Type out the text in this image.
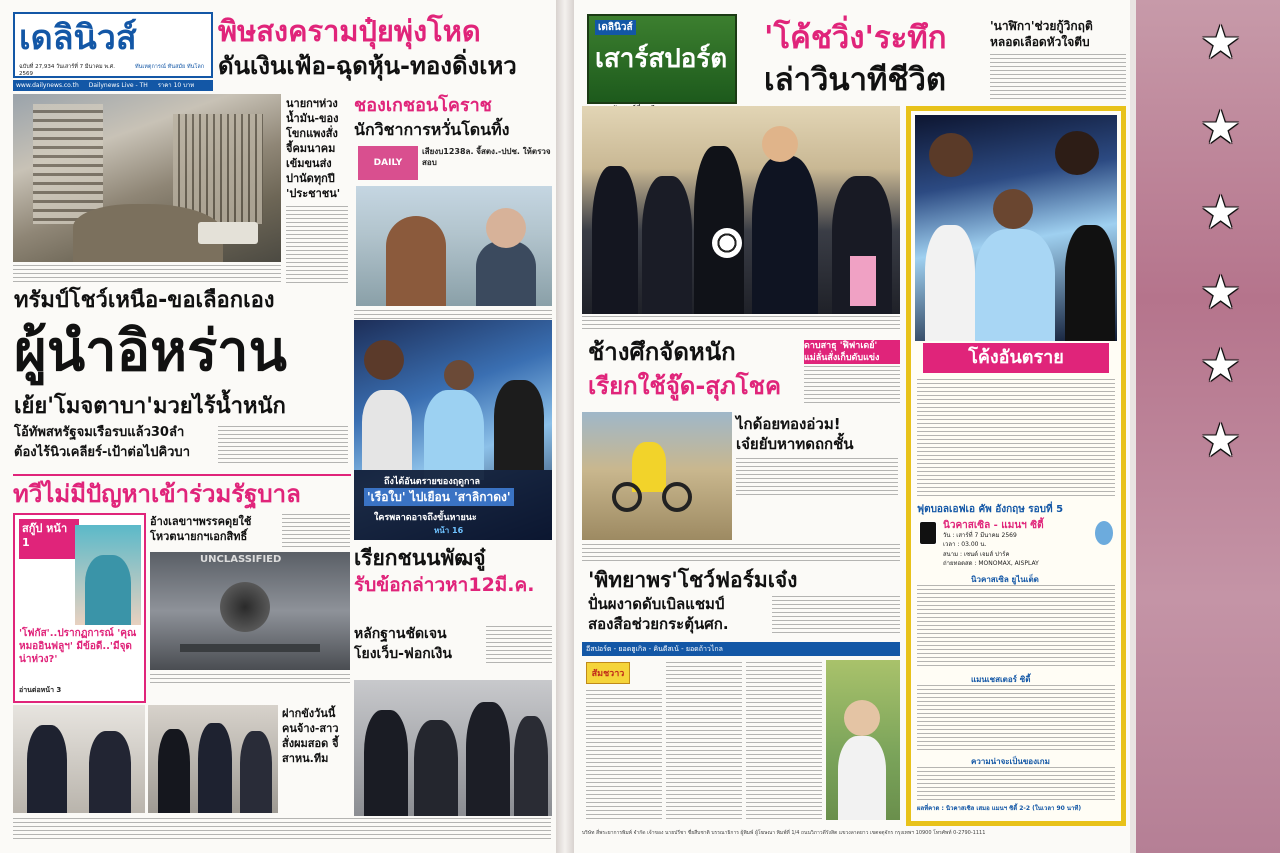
เดลินิวส์
ฉบับที่ 27,934 วันเสาร์ที่ 7 มีนาคม พ.ศ. 2569
ทันเหตุการณ์ ทันสมัย ทันโลก
www.dailynews.co.th Dailynews Live - TH ราคา 10 บาท
พิษสงครามปุ๋ยพุ่งโหด
ดันเงินเฟ้อ-ฉุดหุ้น-ทองดิ่งเหว
นายกฯห่วง น้ำมัน-ของ โขกแพงสั่ง จี้คมนาคม เข้มขนส่ง ปานัดทุกปี 'ประชาชน'
ชองเกชอนโคราช
นักวิชาการหวั่นโดนทิ้ง
DAILY
เสียงบ1238ล. จี้สตง.-ปปช. ให้ตรวจสอบ
ทรัมป์โชว์เหนือ-ขอเลือกเอง
ผู้นำอิหร่าน
เย้ย'โมจตาบา'มวยไร้น้ำหนัก
โอ้ทัพสหรัฐจมเรือรบแล้ว30ลำ
ต้องไร้นิวเคลียร์-เป้าต่อไปคิวบา
ถึงได้อันตรายของฤดูกาล
'เรือใบ' ไปเยือน 'สาลิกาดง'
ใครพลาดอาจถึงขั้นหายนะ
หน้า 16
ทวีไม่มีปัญหาเข้าร่วมรัฐบาล
สกู๊ป หน้า 1
'โฟกัส'..ปรากฏการณ์ 'คุณหมออินฟลูฯ' มีข้อดี..'มีจุดน่าห่วง?'
อ่านต่อหน้า 3
อ้างเลขาฯพรรคดุยใช้ โหวตนายกฯเอกสิทธิ์
UNCLASSIFIED	เรียกชนนพัฒจู๋
รับข้อกล่าวหา12มี.ค.
หลักฐานชัดเจน
โยงเว็บ-ฟอกเงิน
ฝากขังวันนี้ คนจ้าง-สาว สั่งผมสอด จี้สาหน.ทีม
เดลินิวส์
เสาร์สปอร์ต
'โค้ชวิ่ง'ระทึก
เล่าวินาทีชีวิต
'นาฬิกา'ช่วยกู้วิกฤติ
หลอดเลือดหัวใจตีบ
ช้างศึกจัดหนัก
เรียกใช้จู๊ด-สุภโชค
ดาบสาธุ 'ฟิฟาเดย์'
แม่ลั่นสั่งเก็บดับแข่ง
ไกด้อยทองอ่วม!
เจ๋ยยับหาทดถกชั้น
'พิทยาพร'โชว์ฟอร์มเจ๋ง
ปั่นผงาดดับเบิลแชมป์
สองสือช่วยกระตุ้นศก.
อีสปอร์ต - ยอดฮูเกิล - คินดีสเน้ - ยอดถ้าวไกล
สัมชวาว
โค้งอันตราย
ฟุตบอลเอฟเอ คัพ อังกฤษ รอบที่ 5
นิวคาสเซิล - แมนฯ ซิตี้
วัน : เสาร์ที่ 7 มีนาคม 2569
เวลา : 03.00 น.
สนาม : เซนต์ เจมส์ ปาร์ค
ถ่ายทอดสด : MONOMAX, AISPLAY
นิวคาสเซิล ยูไนเต็ด
แมนเชสเตอร์ ซิตี้
ความน่าจะเป็นของเกม
ผลที่คาด : นิวคาสเซิล เสมอ แมนฯ ซิตี้ 2-2 (ในเวลา 90 นาที)
บริษัท สี่พระยาการพิมพ์ จำกัด เจ้าของ นายปรีชา ชื่ยสืบชาติ บรรณาธิการ ผู้พิมพ์ ผู้โฆษณา พิมพ์ที่ 1/4 ถนนวิภาวดีรังสิต แขวงลาดยาว เขตจตุจักร กรุงเทพฯ 10900 โทรศัพท์ 0-2790-1111
★
★
★
★
★
★
